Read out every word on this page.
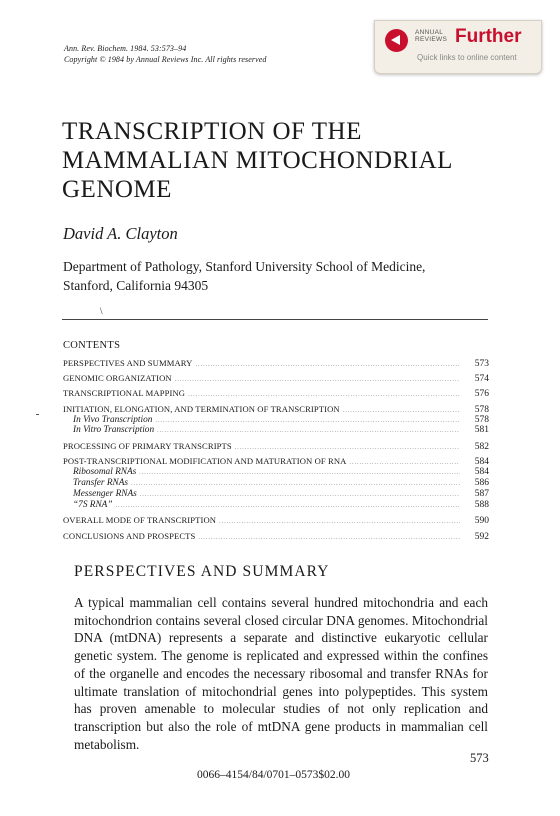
Ann. Rev. Biochem. 1984. 53:573–94
Copyright © 1984 by Annual Reviews Inc. All rights reserved
ANNUAL
REVIEWS Further
Quick links to online content
TRANSCRIPTION OF THE
MAMMALIAN MITOCHONDRIAL
GENOME
David A. Clayton
Department of Pathology, Stanford University School of Medicine,
Stanford, California 94305
\
CONTENTS
PERSPECTIVES AND SUMMARY .....	573
GENOMIC ORGANIZATION .....	574
TRANSCRIPTIONAL MAPPING .....	576
INITIATION, ELONGATION, AND TERMINATION OF TRANSCRIPTION .....	578
In Vivo Transcription .....	578
In Vitro Transcription .....	581
PROCESSING OF PRIMARY TRANSCRIPTS .....	582
POST-TRANSCRIPTIONAL MODIFICATION AND MATURATION OF RNA .....	584
Ribosomal RNAs .....	584
Transfer RNAs .....	586
Messenger RNAs .....	587
“7S RNA” .....	588
OVERALL MODE OF TRANSCRIPTION .....	590
CONCLUSIONS AND PROSPECTS .....	592
PERSPECTIVES AND SUMMARY

A typical mammalian cell contains several hundred mitochondria and each mitochondrion contains several closed circular DNA genomes. Mitochondrial DNA (mtDNA) represents a separate and distinctive eukaryotic cellular genetic system. The genome is replicated and expressed within the confines of the organelle and encodes the necessary ribosomal and transfer RNAs for ultimate translation of mitochondrial genes into polypeptides. This system has proven amenable to molecular studies of not only replication and transcription but also the role of mtDNA gene products in mammalian cell metabolism.

573
0066–4154/84/0701–0573$02.00
